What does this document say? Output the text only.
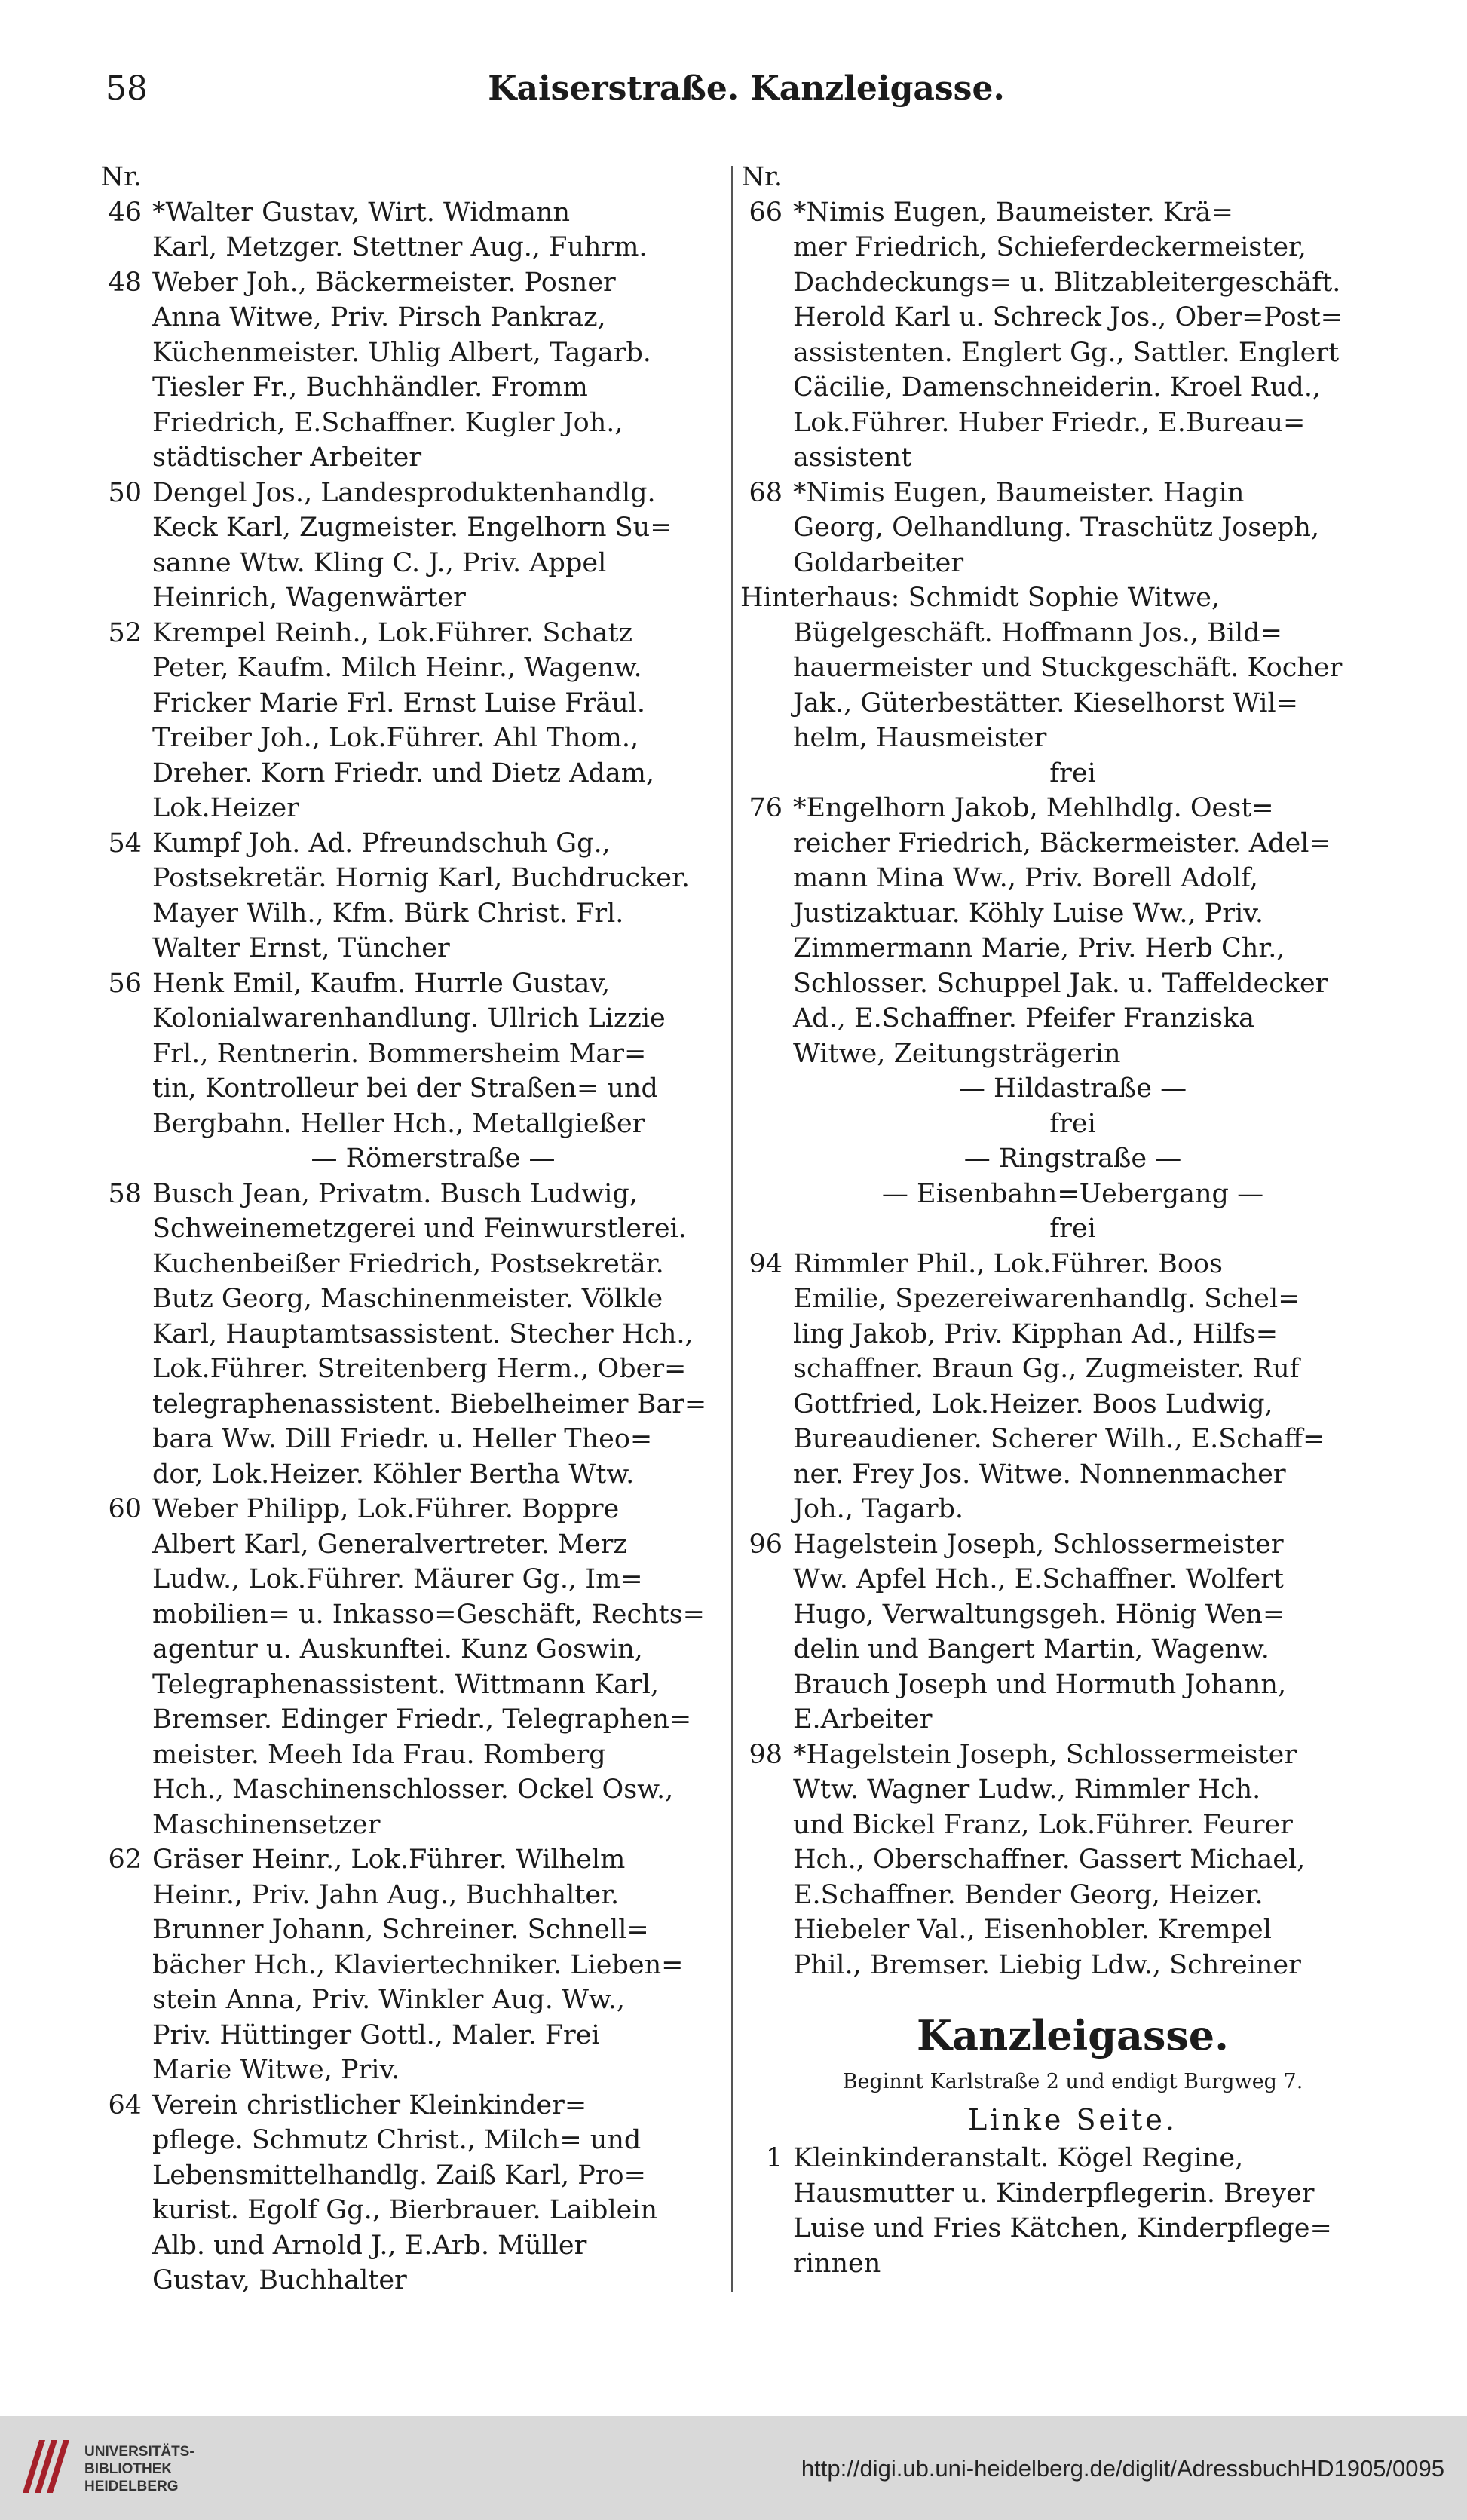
58	Kaiserstraße. Kanzleigasse.
Nr.
46 *Walter Gustav, Wirt. Widmann
Karl, Metzger. Stettner Aug., Fuhrm.
48 Weber Joh., Bäckermeister. Posner
Anna Witwe, Priv. Pirsch Pankraz,
Küchenmeister. Uhlig Albert, Tagarb.
Tiesler Fr., Buchhändler. Fromm
Friedrich, E.Schaffner. Kugler Joh.,
städtischer Arbeiter
50 Dengel Jos., Landesproduktenhandlg.
Keck Karl, Zugmeister. Engelhorn Su=
sanne Wtw. Kling C. J., Priv. Appel
Heinrich, Wagenwärter
52 Krempel Reinh., Lok.Führer. Schatz
Peter, Kaufm. Milch Heinr., Wagenw.
Fricker Marie Frl. Ernst Luise Fräul.
Treiber Joh., Lok.Führer. Ahl Thom.,
Dreher. Korn Friedr. und Dietz Adam,
Lok.Heizer
54 Kumpf Joh. Ad. Pfreundschuh Gg.,
Postsekretär. Hornig Karl, Buchdrucker.
Mayer Wilh., Kfm. Bürk Christ. Frl.
Walter Ernst, Tüncher
56 Henk Emil, Kaufm. Hurrle Gustav,
Kolonialwarenhandlung. Ullrich Lizzie
Frl., Rentnerin. Bommersheim Mar=
tin, Kontrolleur bei der Straßen= und
Bergbahn. Heller Hch., Metallgießer
— Römerstraße —
58 Busch Jean, Privatm. Busch Ludwig,
Schweinemetzgerei und Feinwurstlerei.
Kuchenbeißer Friedrich, Postsekretär.
Butz Georg, Maschinenmeister. Völkle
Karl, Hauptamtsassistent. Stecher Hch.,
Lok.Führer. Streitenberg Herm., Ober=
telegraphenassistent. Biebelheimer Bar=
bara Ww. Dill Friedr. u. Heller Theo=
dor, Lok.Heizer. Köhler Bertha Wtw.
60 Weber Philipp, Lok.Führer. Boppre
Albert Karl, Generalvertreter. Merz
Ludw., Lok.Führer. Mäurer Gg., Im=
mobilien= u. Inkasso=Geschäft, Rechts=
agentur u. Auskunftei. Kunz Goswin,
Telegraphenassistent. Wittmann Karl,
Bremser. Edinger Friedr., Telegraphen=
meister. Meeh Ida Frau. Romberg
Hch., Maschinenschlosser. Ockel Osw.,
Maschinensetzer
62 Gräser Heinr., Lok.Führer. Wilhelm
Heinr., Priv. Jahn Aug., Buchhalter.
Brunner Johann, Schreiner. Schnell=
bächer Hch., Klaviertechniker. Lieben=
stein Anna, Priv. Winkler Aug. Ww.,
Priv. Hüttinger Gottl., Maler. Frei
Marie Witwe, Priv.
64 Verein christlicher Kleinkinder=
pflege. Schmutz Christ., Milch= und
Lebensmittelhandlg. Zaiß Karl, Pro=
kurist. Egolf Gg., Bierbrauer. Laiblein
Alb. und Arnold J., E.Arb. Müller
Gustav, Buchhalter
Nr.
66 *Nimis Eugen, Baumeister. Krä=
mer Friedrich, Schieferdeckermeister,
Dachdeckungs= u. Blitzableitergeschäft.
Herold Karl u. Schreck Jos., Ober=Post=
assistenten. Englert Gg., Sattler. Englert
Cäcilie, Damenschneiderin. Kroel Rud.,
Lok.Führer. Huber Friedr., E.Bureau=
assistent
68 *Nimis Eugen, Baumeister. Hagin
Georg, Oelhandlung. Traschütz Joseph,
Goldarbeiter
Hinterhaus: Schmidt Sophie Witwe,
Bügelgeschäft. Hoffmann Jos., Bild=
hauermeister und Stuckgeschäft. Kocher
Jak., Güterbestätter. Kieselhorst Wil=
helm, Hausmeister
frei
76 *Engelhorn Jakob, Mehlhdlg. Oest=
reicher Friedrich, Bäckermeister. Adel=
mann Mina Ww., Priv. Borell Adolf,
Justizaktuar. Köhly Luise Ww., Priv.
Zimmermann Marie, Priv. Herb Chr.,
Schlosser. Schuppel Jak. u. Taffeldecker
Ad., E.Schaffner. Pfeifer Franziska
Witwe, Zeitungsträgerin
— Hildastraße —
frei
— Ringstraße —
— Eisenbahn=Uebergang —
frei
94 Rimmler Phil., Lok.Führer. Boos
Emilie, Spezereiwarenhandlg. Schel=
ling Jakob, Priv. Kipphan Ad., Hilfs=
schaffner. Braun Gg., Zugmeister. Ruf
Gottfried, Lok.Heizer. Boos Ludwig,
Bureaudiener. Scherer Wilh., E.Schaff=
ner. Frey Jos. Witwe. Nonnenmacher
Joh., Tagarb.
96 Hagelstein Joseph, Schlossermeister
Ww. Apfel Hch., E.Schaffner. Wolfert
Hugo, Verwaltungsgeh. Hönig Wen=
delin und Bangert Martin, Wagenw.
Brauch Joseph und Hormuth Johann,
E.Arbeiter
98 *Hagelstein Joseph, Schlossermeister
Wtw. Wagner Ludw., Rimmler Hch.
und Bickel Franz, Lok.Führer. Feurer
Hch., Oberschaffner. Gassert Michael,
E.Schaffner. Bender Georg, Heizer.
Hiebeler Val., Eisenhobler. Krempel
Phil., Bremser. Liebig Ldw., Schreiner
Kanzleigasse.
Beginnt Karlstraße 2 und endigt Burgweg 7.
Linke Seite.
1 Kleinkinderanstalt. Kögel Regine,
Hausmutter u. Kinderpflegerin. Breyer
Luise und Fries Kätchen, Kinderpflege=
rinnen
UNIVERSITÄTS-
BIBLIOTHEK
HEIDELBERG
http://digi.ub.uni-heidelberg.de/diglit/AdressbuchHD1905/0095
